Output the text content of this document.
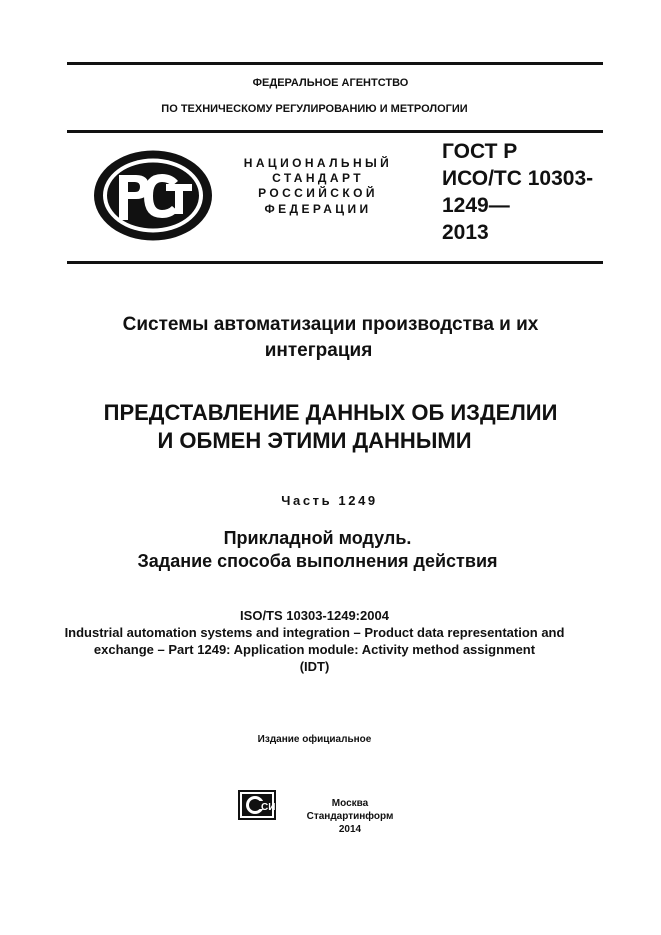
ФЕДЕРАЛЬНОЕ АГЕНТСТВО
ПО ТЕХНИЧЕСКОМУ РЕГУЛИРОВАНИЮ И МЕТРОЛОГИИ
НАЦИОНАЛЬНЫЙ
СТАНДАРТ
РОССИЙСКОЙ
ФЕДЕРАЦИИ
ГОСТ Р
ИСО/ТС 10303-
1249—
2013
Системы автоматизации производства и их
интеграция
ПРЕДСТАВЛЕНИЕ ДАННЫХ ОБ ИЗДЕЛИИ
И ОБМЕН ЭТИМИ ДАННЫМИ
Часть 1249
Прикладной модуль.
Задание способа выполнения действия
ISO/TS 10303-1249:2004
Industrial automation systems and integration – Product data representation and
exchange – Part 1249: Application module: Activity method assignment
(IDT)
Издание официальное
СИ	Москва
Стандартинформ
2014
